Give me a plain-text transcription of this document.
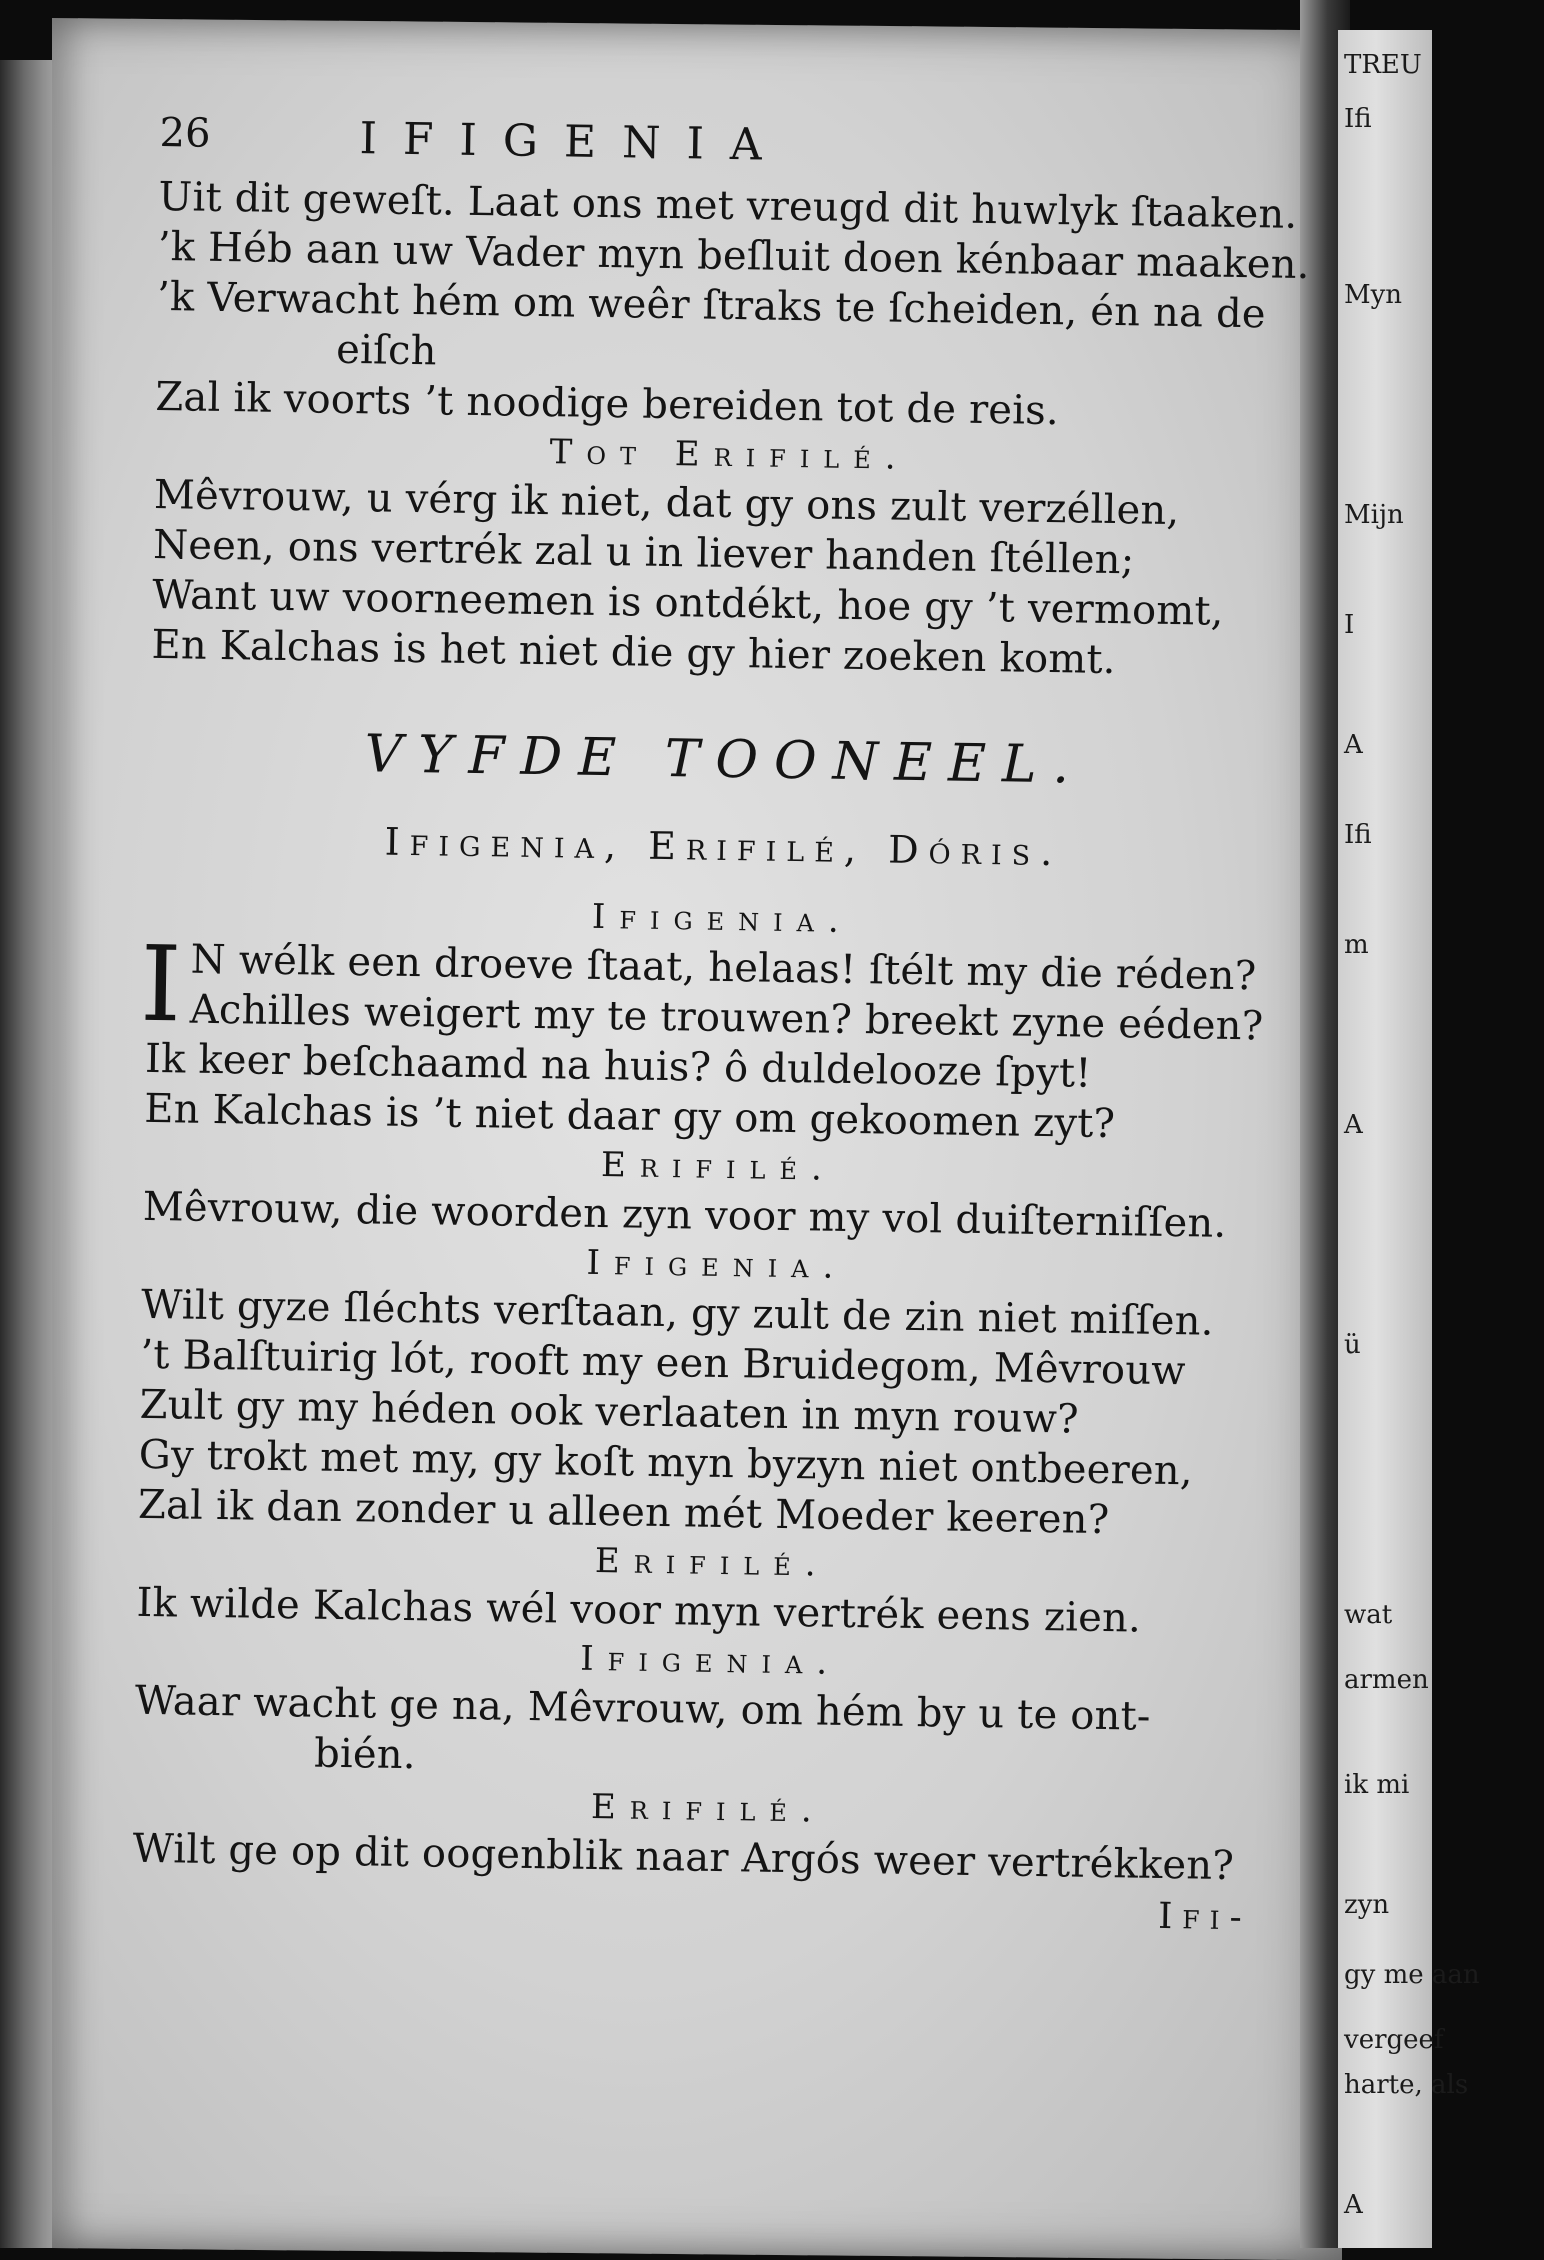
TREU
Ifi
Myn
Mijn
I
A
Ifi
m
A
ü
armen
wat
ik mi
zyn
gy me aan
vergeef
harte, als
A
26	IFIGENIA
Uit dit geweſt. Laat ons met vreugd dit huwlyk ſtaaken.
’k Héb aan uw Vader myn beſluit doen kénbaar maaken.
’k Verwacht hém om weêr ſtraks te ſcheiden, én na de
eiſch
Zal ik voorts ’t noodige bereiden tot de reis.
Tot Erifilé.
Mêvrouw, u vérg ik niet, dat gy ons zult verzéllen,
Neen, ons vertrék zal u in liever handen ſtéllen;
Want uw voorneemen is ontdékt, hoe gy ’t vermomt,
En Kalchas is het niet die gy hier zoeken komt.
VYFDE TOONEEL.
Ifigenia, Erifilé, Dóris.
Ifigenia.
I N wélk een droeve ſtaat, helaas! ſtélt my die réden?
Achilles weigert my te trouwen? breekt zyne eéden?
Ik keer beſchaamd na huis? ô duldelooze ſpyt!
En Kalchas is ’t niet daar gy om gekoomen zyt?
Erifilé.
Mêvrouw, die woorden zyn voor my vol duiſterniſſen.
Ifigenia.
Wilt gyze ſléchts verſtaan, gy zult de zin niet miſſen.
’t Balſtuirig lót, rooft my een Bruidegom, Mêvrouw
Zult gy my héden ook verlaaten in myn rouw?
Gy trokt met my, gy koſt myn byzyn niet ontbeeren,
Zal ik dan zonder u alleen mét Moeder keeren?
Erifilé.
Ik wilde Kalchas wél voor myn vertrék eens zien.
Ifigenia.
Waar wacht ge na, Mêvrouw, om hém by u te ont-
bién.
Erifilé.
Wilt ge op dit oogenblik naar Argós weer vertrékken?
Ifi-
